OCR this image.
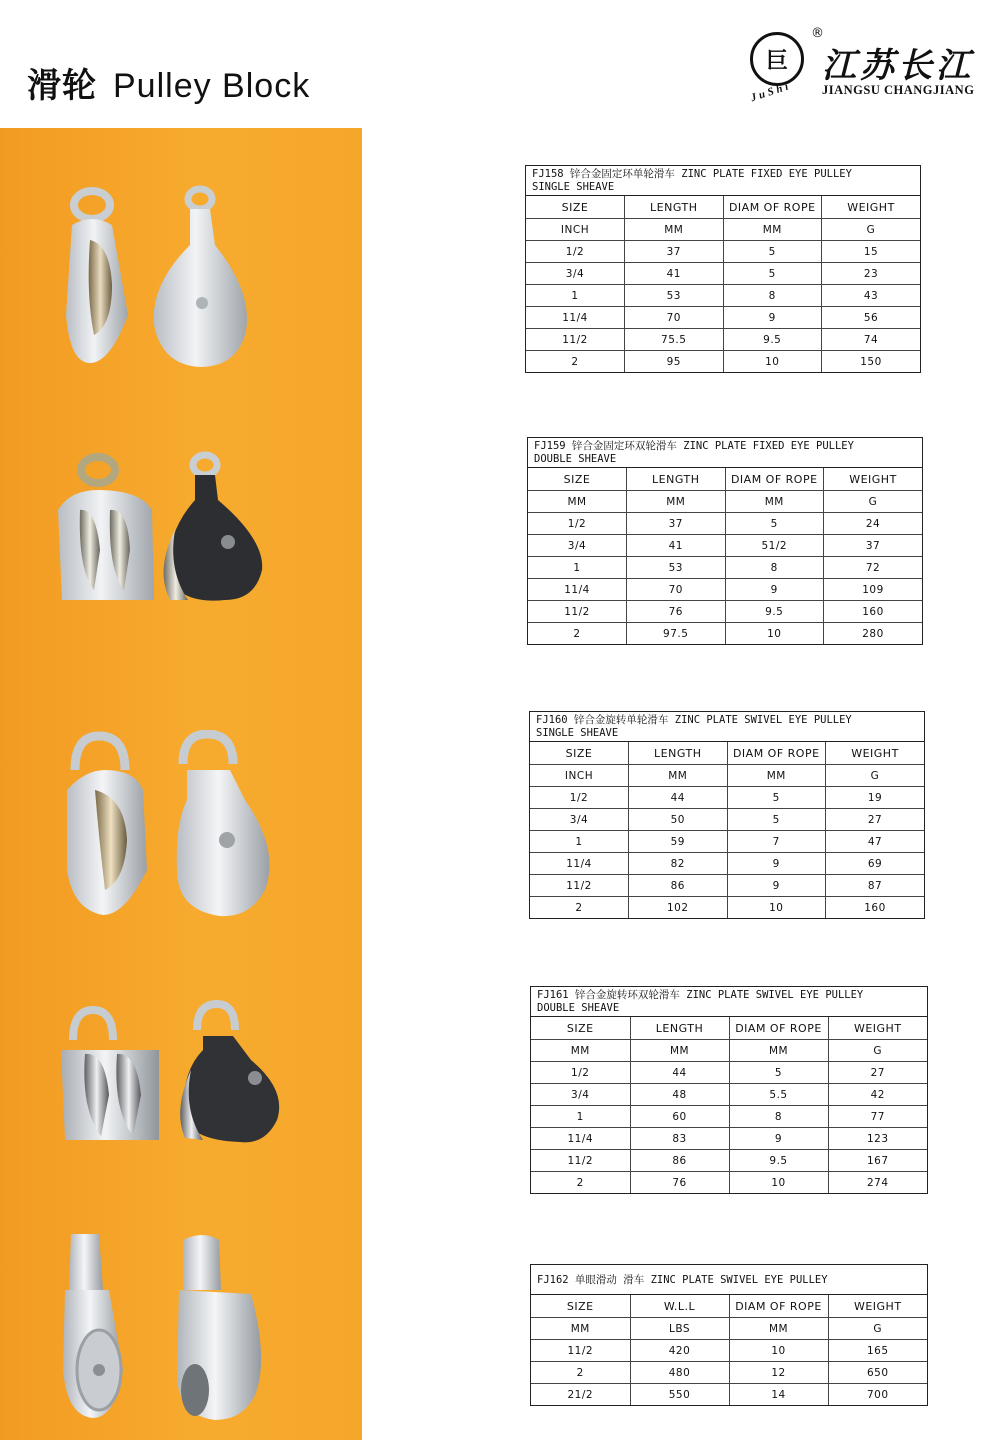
滑轮 Pulley Block
巨
®
江苏长江
JIANGSU CHANGJIANG
JuShi
FJ158 锌合金固定环单轮滑车 ZINC PLATE FIXED EYE PULLEY
SINGLE SHEAVE
SIZE	LENGTH	DIAM OF ROPE	WEIGHT
INCH	MM	MM	G
1/2	37	5	15
3/4	41	5	23
1	53	8	43
11/4	70	9	56
11/2	75.5	9.5	74
2	95	10	150
FJ159 锌合金固定环双轮滑车 ZINC PLATE FIXED EYE PULLEY
DOUBLE SHEAVE
SIZE	LENGTH	DIAM OF ROPE	WEIGHT
MM	MM	MM	G
1/2	37	5	24
3/4	41	51/2	37
1	53	8	72
11/4	70	9	109
11/2	76	9.5	160
2	97.5	10	280
FJ160 锌合金旋转单轮滑车 ZINC PLATE SWIVEL EYE PULLEY
SINGLE SHEAVE
SIZE	LENGTH	DIAM OF ROPE	WEIGHT
INCH	MM	MM	G
1/2	44	5	19
3/4	50	5	27
1	59	7	47
11/4	82	9	69
11/2	86	9	87
2	102	10	160
FJ161 锌合金旋转环双轮滑车 ZINC PLATE SWIVEL EYE PULLEY
DOUBLE SHEAVE
SIZE	LENGTH	DIAM OF ROPE	WEIGHT
MM	MM	MM	G
1/2	44	5	27
3/4	48	5.5	42
1	60	8	77
11/4	83	9	123
11/2	86	9.5	167
2	76	10	274
FJ162 单眼滑动 滑车 ZINC PLATE SWIVEL EYE PULLEY
SIZE	W.L.L	DIAM OF ROPE	WEIGHT
MM	LBS	MM	G
11/2	420	10	165
2	480	12	650
21/2	550	14	700
